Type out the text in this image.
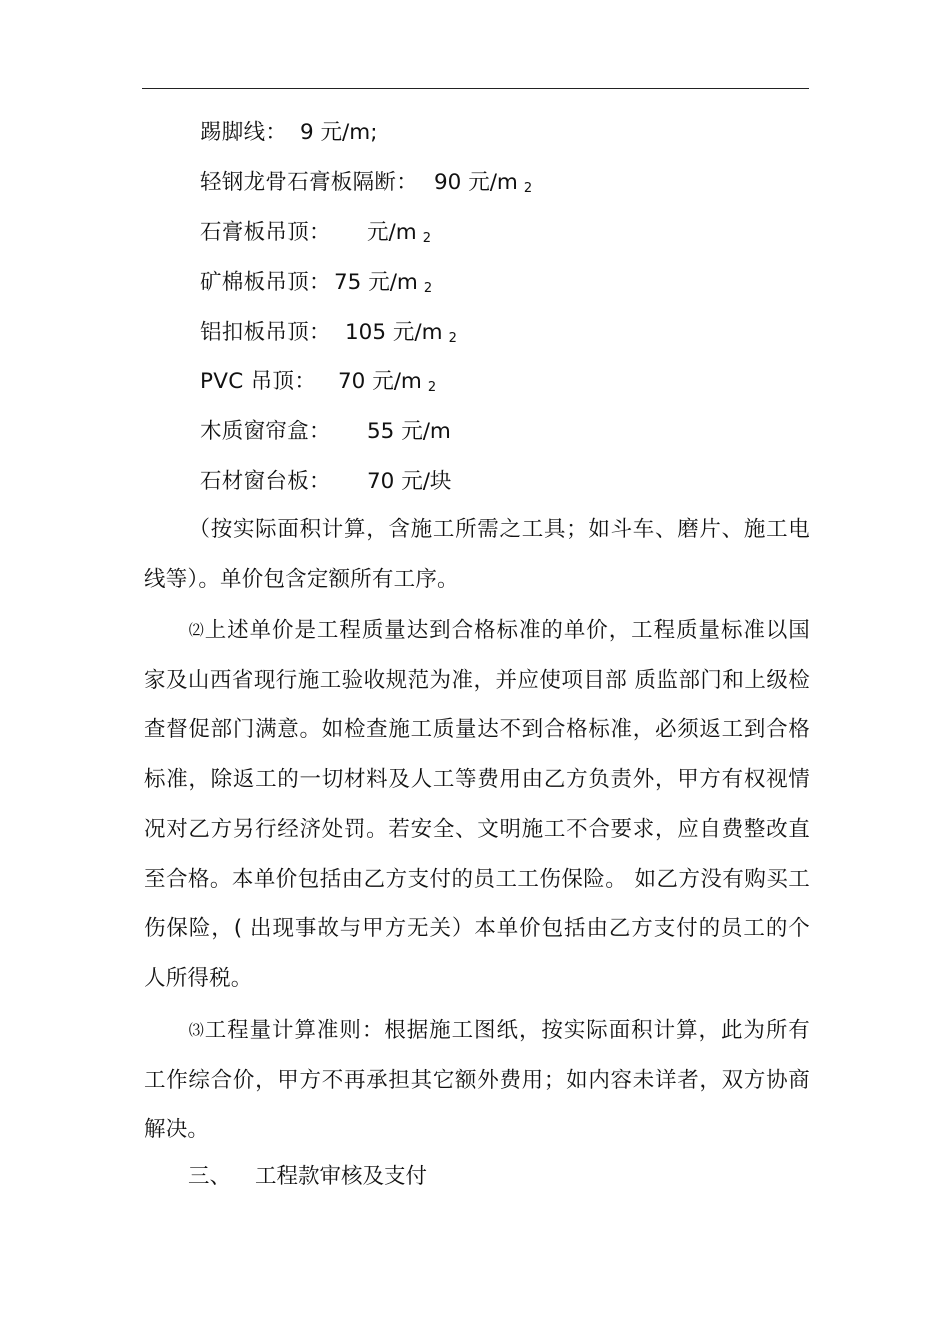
踢脚线： 9 元/m;
轻钢龙骨石膏板隔断： 90 元/m 2
石膏板吊顶： 元/m 2
矿棉板吊顶： 75 元/m 2
铝扣板吊顶： 105 元/m 2
PVC 吊顶： 70 元/m 2
木质窗帘盒： 55 元/m
石材窗台板： 70 元/块
（按实际面积计算，含施工所需之工具；如斗车、磨片、施工电线等）。单价包含定额所有工序。
⑵上述单价是工程质量达到合格标准的单价，工程质量标准以国家及山西省现行施工验收规范为准，并应使项目部 质监部门和上级检查督促部门满意。如检查施工质量达不到合格标准，必须返工到合格标准，除返工的一切材料及人工等费用由乙方负责外，甲方有权视情况对乙方另行经济处罚。若安全、文明施工不合要求，应自费整改直至合格。本单价包括由乙方支付的员工工伤保险。 如乙方没有购买工伤保险，( 出现事故与甲方无关）本单价包括由乙方支付的员工的个人所得税。
⑶工程量计算准则：根据施工图纸，按实际面积计算，此为所有工作综合价，甲方不再承担其它额外费用；如内容未详者，双方协商解决。
三、 工程款审核及支付
